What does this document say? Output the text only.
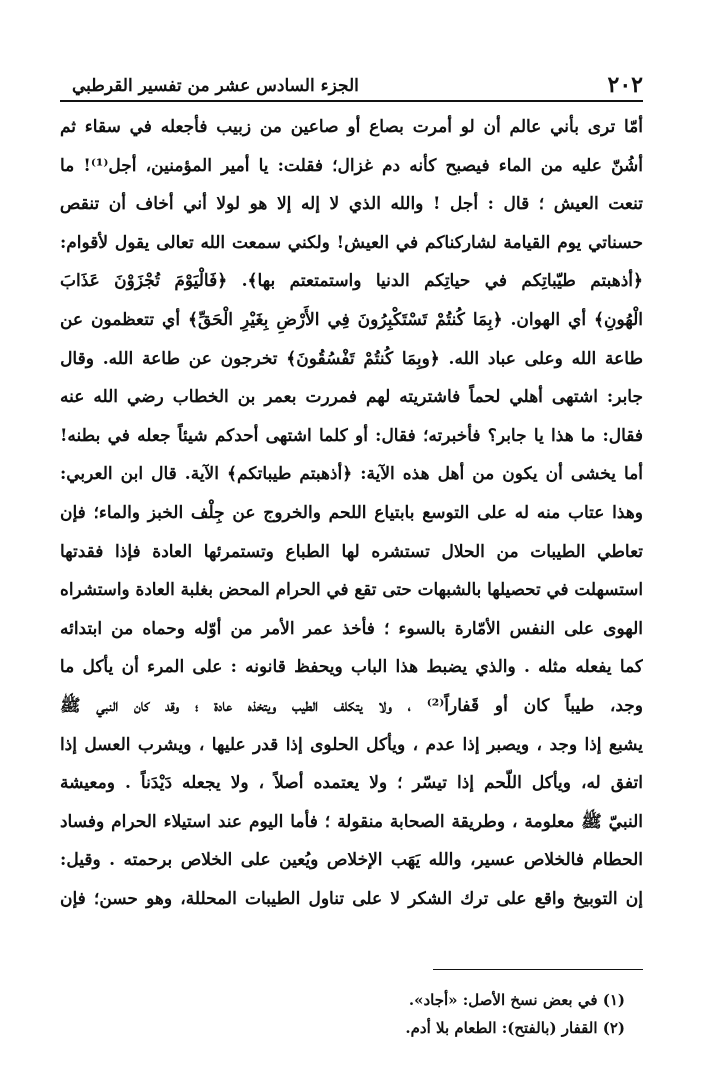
٢٠٢
الجزء السادس عشر من تفسير القرطبي
أمّا ترى بأني عالم أن لو أمرت بصاع أو صاعين من زبيب فأجعله في سقاء ثم
أشُنّ عليه من الماء فيصبح كأنه دم غزال؛ فقلت: يا أمير المؤمنين، أجل⁽¹⁾! ما
تنعت العيش ؛ قال : أجل ! والله الذي لا إله إلا هو لولا أني أخاف أن تنقص
حسناتي يوم القيامة لشاركناكم في العيش! ولكني سمعت الله تعالى يقول لأقوام:
﴿أذهبتم طيّباتِكم في حياتِكم الدنيا واستمتعتم بها﴾. ﴿فَالْيَوْمَ تُجْزَوْنَ عَذَابَ
الْهُونِ﴾ أي الهوان. ﴿بِمَا كُنتُمْ تَسْتَكْبِرُونَ فِي الأَرْضِ بِغَيْرِ الْحَقِّ﴾ أي تتعظمون عن
طاعة الله وعلى عباد الله. ﴿وبِمَا كُنتُمْ تَفْسُقُونَ﴾ تخرجون عن طاعة الله. وقال
جابر: اشتهى أهلي لحماً فاشتريته لهم فمررت بعمر بن الخطاب رضي الله عنه
فقال: ما هذا يا جابر؟ فأخبرته؛ فقال: أو كلما اشتهى أحدكم شيئاً جعله في بطنه!
أما يخشى أن يكون من أهل هذه الآية: ﴿أذهبتم طيباتكم﴾ الآية. قال ابن العربي:
وهذا عتاب منه له على التوسع بابتياع اللحم والخروج عن جِلْف الخبز والماء؛ فإن
تعاطي الطيبات من الحلال تستشره لها الطباع وتستمرئها العادة فإذا فقدتها
استسهلت في تحصيلها بالشبهات حتى تقع في الحرام المحض بغلبة العادة واستشراه
الهوى على النفس الأمّارة بالسوء ؛ فأخذ عمر الأمر من أوّله وحماه من ابتدائه
كما يفعله مثله . والذي يضبط هذا الباب ويحفظ قانونه : على المرء أن يأكل ما
وجد، طيباً كان أو قَفاراً⁽²⁾ ، ولا يتكلف الطيب ويتخذه عادة ؛ وقد كان النبي ﷺ
يشبع إذا وجد ، ويصبر إذا عدم ، ويأكل الحلوى إذا قدر عليها ، ويشرب العسل إذا
اتفق له، ويأكل اللّحم إذا تيسّر ؛ ولا يعتمده أصلاً ، ولا يجعله دَيْدَناً . ومعيشة
النبيّ ﷺ معلومة ، وطريقة الصحابة منقولة ؛ فأما اليوم عند استيلاء الحرام وفساد
الحطام فالخلاص عسير، والله يَهَب الإخلاص ويُعين على الخلاص برحمته . وقيل:
إن التوبيخ واقع على ترك الشكر لا على تناول الطيبات المحللة، وهو حسن؛ فإن
(١) في بعض نسخ الأصل: «أجاد».
(٢) القفار (بالفتح): الطعام بلا أدم.
